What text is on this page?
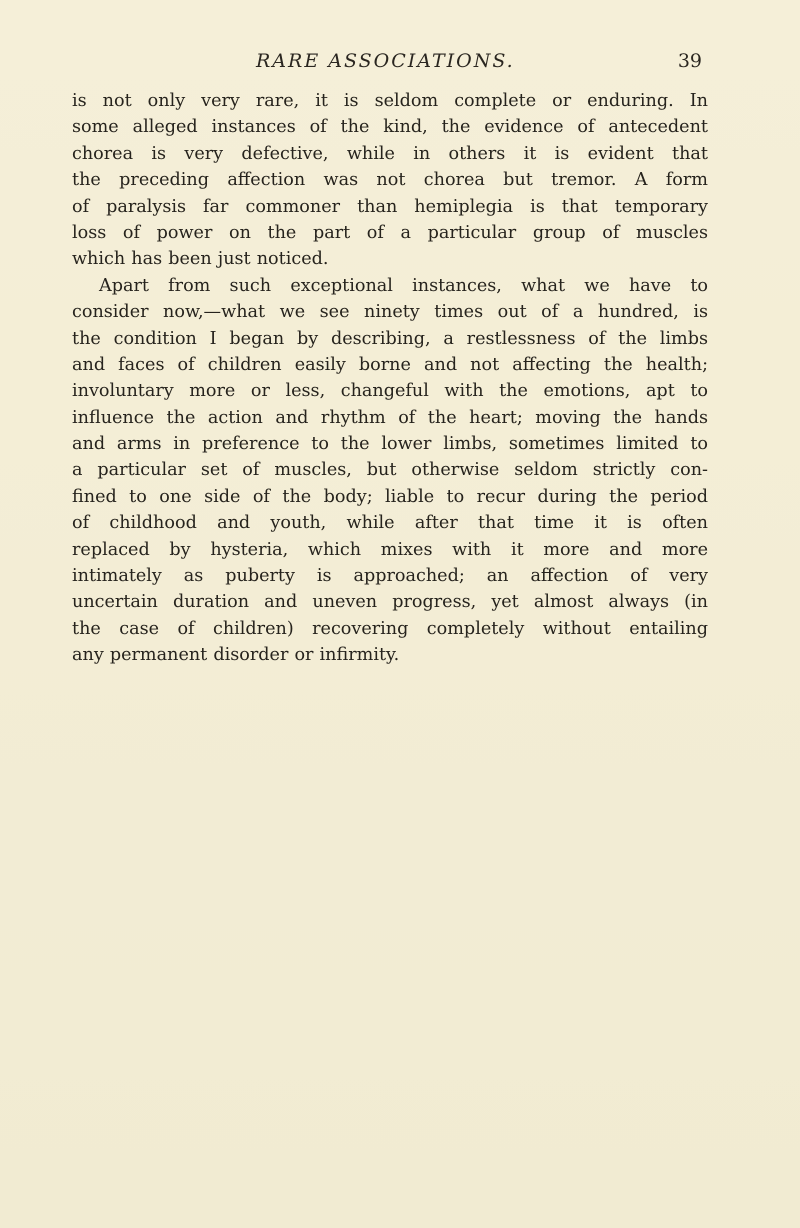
RARE ASSOCIATIONS.	39
is not only very rare, it is seldom complete or enduring. In
some alleged instances of the kind, the evidence of antecedent
chorea is very defective, while in others it is evident that
the preceding affection was not chorea but tremor. A form
of paralysis far commoner than hemiplegia is that temporary
loss of power on the part of a particular group of muscles
which has been just noticed.
Apart from such exceptional instances, what we have to
consider now,—what we see ninety times out of a hundred, is
the condition I began by describing, a restlessness of the limbs
and faces of children easily borne and not affecting the health;
involuntary more or less, changeful with the emotions, apt to
influence the action and rhythm of the heart; moving the hands
and arms in preference to the lower limbs, sometimes limited to
a particular set of muscles, but otherwise seldom strictly con-
fined to one side of the body; liable to recur during the period
of childhood and youth, while after that time it is often
replaced by hysteria, which mixes with it more and more
intimately as puberty is approached; an affection of very
uncertain duration and uneven progress, yet almost always (in
the case of children) recovering completely without entailing
any permanent disorder or infirmity.
